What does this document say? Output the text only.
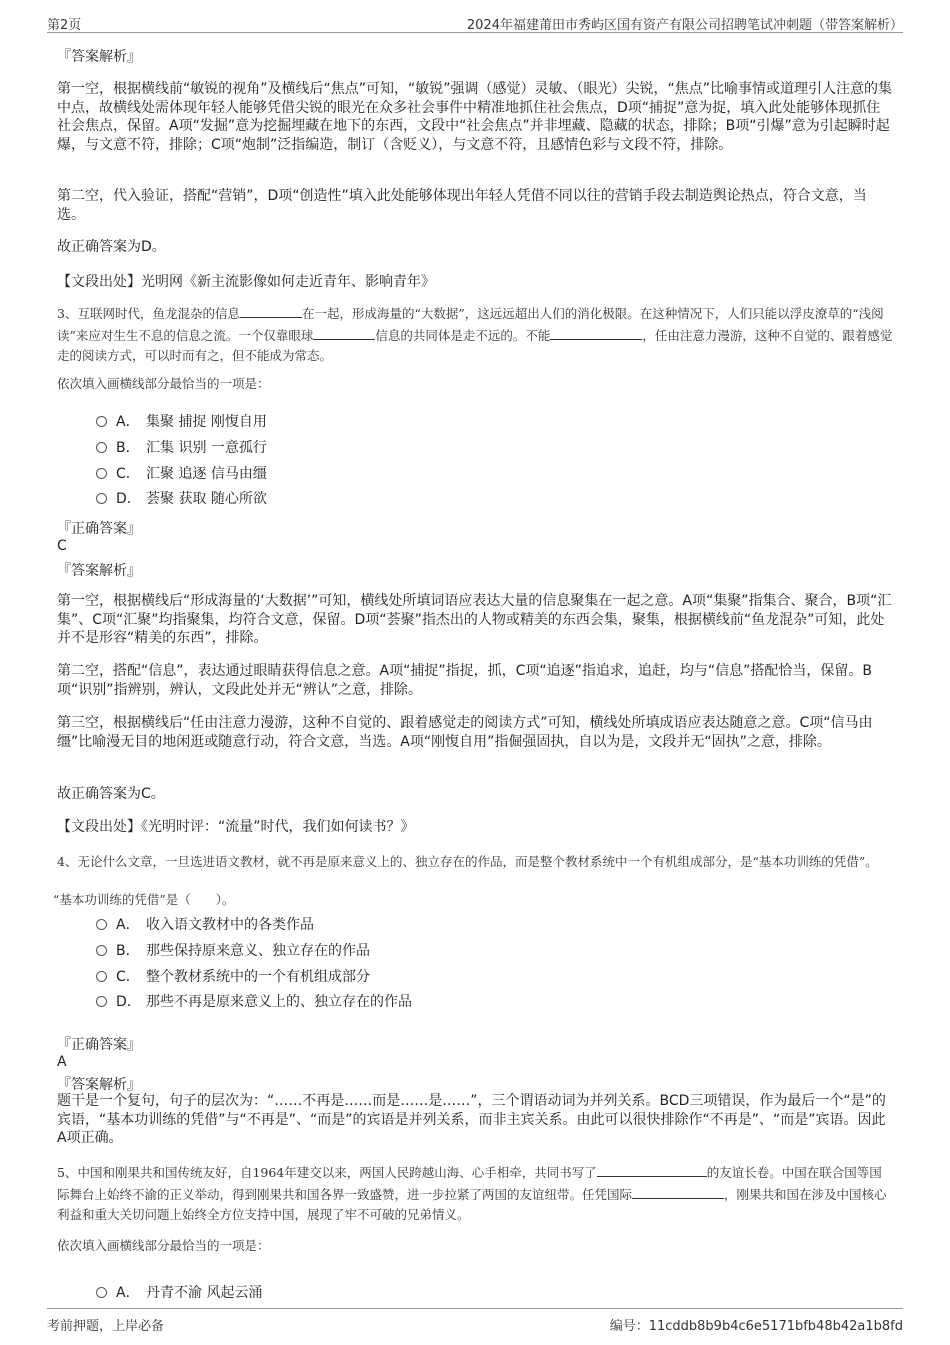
第2页	2024年福建莆田市秀屿区国有资产有限公司招聘笔试冲刺题（带答案解析）
『答案解析』
第一空，根据横线前“敏锐的视角”及横线后“焦点”可知，“敏锐”强调（感觉）灵敏、（眼光）尖锐，“焦点”比喻事情或道理引人注意的集中点，故横线处需体现年轻人能够凭借尖锐的眼光在众多社会事件中精准地抓住社会焦点，D项“捕捉”意为捉，填入此处能够体现抓住社会焦点，保留。A项“发掘”意为挖掘埋藏在地下的东西，文段中“社会焦点”并非埋藏、隐藏的状态，排除；B项“引爆”意为引起瞬时起爆，与文意不符，排除；C项“炮制”泛指编造，制订（含贬义），与文意不符，且感情色彩与文段不符，排除。
第二空，代入验证，搭配“营销”，D项“创造性”填入此处能够体现出年轻人凭借不同以往的营销手段去制造舆论热点，符合文意，当选。
故正确答案为D。
【文段出处】光明网《新主流影像如何走近青年、影响青年》
3、互联网时代，鱼龙混杂的信息	在一起，形成海量的“大数据”，这远远超出人们的消化极限。在这种情况下，人们只能以浮皮潦草的“浅阅读”来应对生生不息的信息之流。一个仅靠眼球	信息的共同体是走不远的。不能	，任由注意力漫游，这种不自觉的、跟着感觉走的阅读方式，可以时而有之，但不能成为常态。
依次填入画横线部分最恰当的一项是：
A． 集聚 捕捉 刚愎自用
B． 汇集 识别 一意孤行
C． 汇聚 追逐 信马由缰
D． 荟聚 获取 随心所欲
『正确答案』
C
『答案解析』
第一空，根据横线后“形成海量的‘大数据’”可知，横线处所填词语应表达大量的信息聚集在一起之意。A项“集聚”指集合、聚合，B项“汇集”、C项“汇聚”均指聚集，均符合文意，保留。D项“荟聚”指杰出的人物或精美的东西会集，聚集，根据横线前“鱼龙混杂”可知，此处并不是形容“精美的东西”，排除。
第二空，搭配“信息”，表达通过眼睛获得信息之意。A项“捕捉”指捉，抓，C项“追逐”指追求，追赶，均与“信息”搭配恰当，保留。B项“识别”指辨别，辨认，文段此处并无“辨认”之意，排除。
第三空，根据横线后“任由注意力漫游，这种不自觉的、跟着感觉走的阅读方式”可知，横线处所填成语应表达随意之意。C项“信马由缰”比喻漫无目的地闲逛或随意行动，符合文意，当选。A项“刚愎自用”指倔强固执，自以为是，文段并无“固执”之意，排除。
故正确答案为C。
【文段出处】《光明时评：“流量”时代，我们如何读书？》
4、无论什么文章，一旦选进语文教材，就不再是原来意义上的、独立存在的作品，而是整个教材系统中一个有机组成部分，是“基本功训练的凭借”。
“基本功训练的凭借”是（　　）。
A． 收入语文教材中的各类作品
B． 那些保持原来意义、独立存在的作品
C． 整个教材系统中的一个有机组成部分
D． 那些不再是原来意义上的、独立存在的作品
『正确答案』
A
『答案解析』
题干是一个复句，句子的层次为：“……不再是……而是……是……”，三个谓语动词为并列关系。BCD三项错误，作为最后一个“是”的宾语，“基本功训练的凭借”与“不再是”、“而是”的宾语是并列关系，而非主宾关系。由此可以很快排除作“不再是”、“而是”宾语。因此A项正确。
5、中国和刚果共和国传统友好，自1964年建交以来，两国人民跨越山海、心手相牵，共同书写了	的友谊长卷。中国在联合国等国际舞台上始终不渝的正义举动，得到刚果共和国各界一致盛赞，进一步拉紧了两国的友谊纽带。任凭国际	，刚果共和国在涉及中国核心利益和重大关切问题上始终全方位支持中国，展现了牢不可破的兄弟情义。
依次填入画横线部分最恰当的一项是：
A． 丹青不渝 风起云涌
考前押题，上岸必备	编号：11cddb8b9b4c6e5171bfb48b42a1b8fd
